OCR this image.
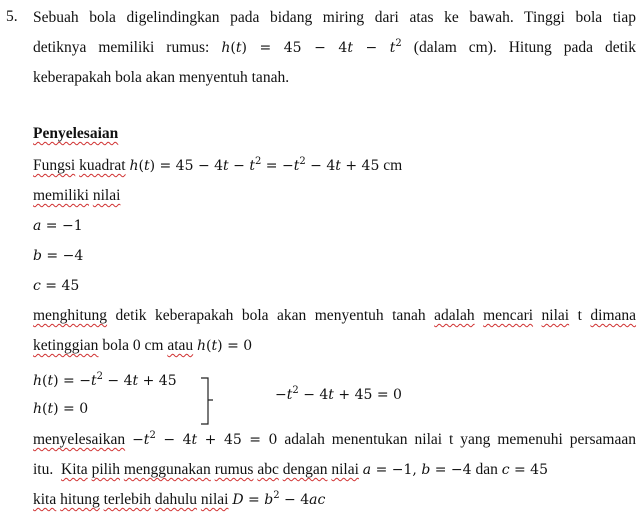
5. Sebuah bola digelindingkan pada bidang miring dari atas ke bawah. Tinggi bola tiap
detiknya memiliki rumus: $h(t) = 45 - 4t - t^2$ (dalam cm). Hitung pada detik
keberapakah bola akan menyentuh tanah.
Penyelesaian
Fungsi kuadrat $h(t) = 45 - 4t - t^2 = -t^2 - 4t + 45$ cm
memiliki nilai
a = −1
b = −4
c = 45
menghitung detik keberapakah bola akan menyentuh tanah adalah mencari nilai t dimana
ketinggian bola 0 cm atau h(t) = 0
$h(t) = -t^2 - 4t + 45$
h(t) = 0
$-t^2 - 4t + 45 = 0$
menyelesaikan $-t^2 - 4t + 45 = 0$ adalah menentukan nilai t yang memenuhi persamaan
itu.  Kita pilih menggunakan rumus abc dengan nilai a = −1, b = −4 dan c = 45
kita hitung terlebih dahulu nilai $D = b^2 - 4ac$
